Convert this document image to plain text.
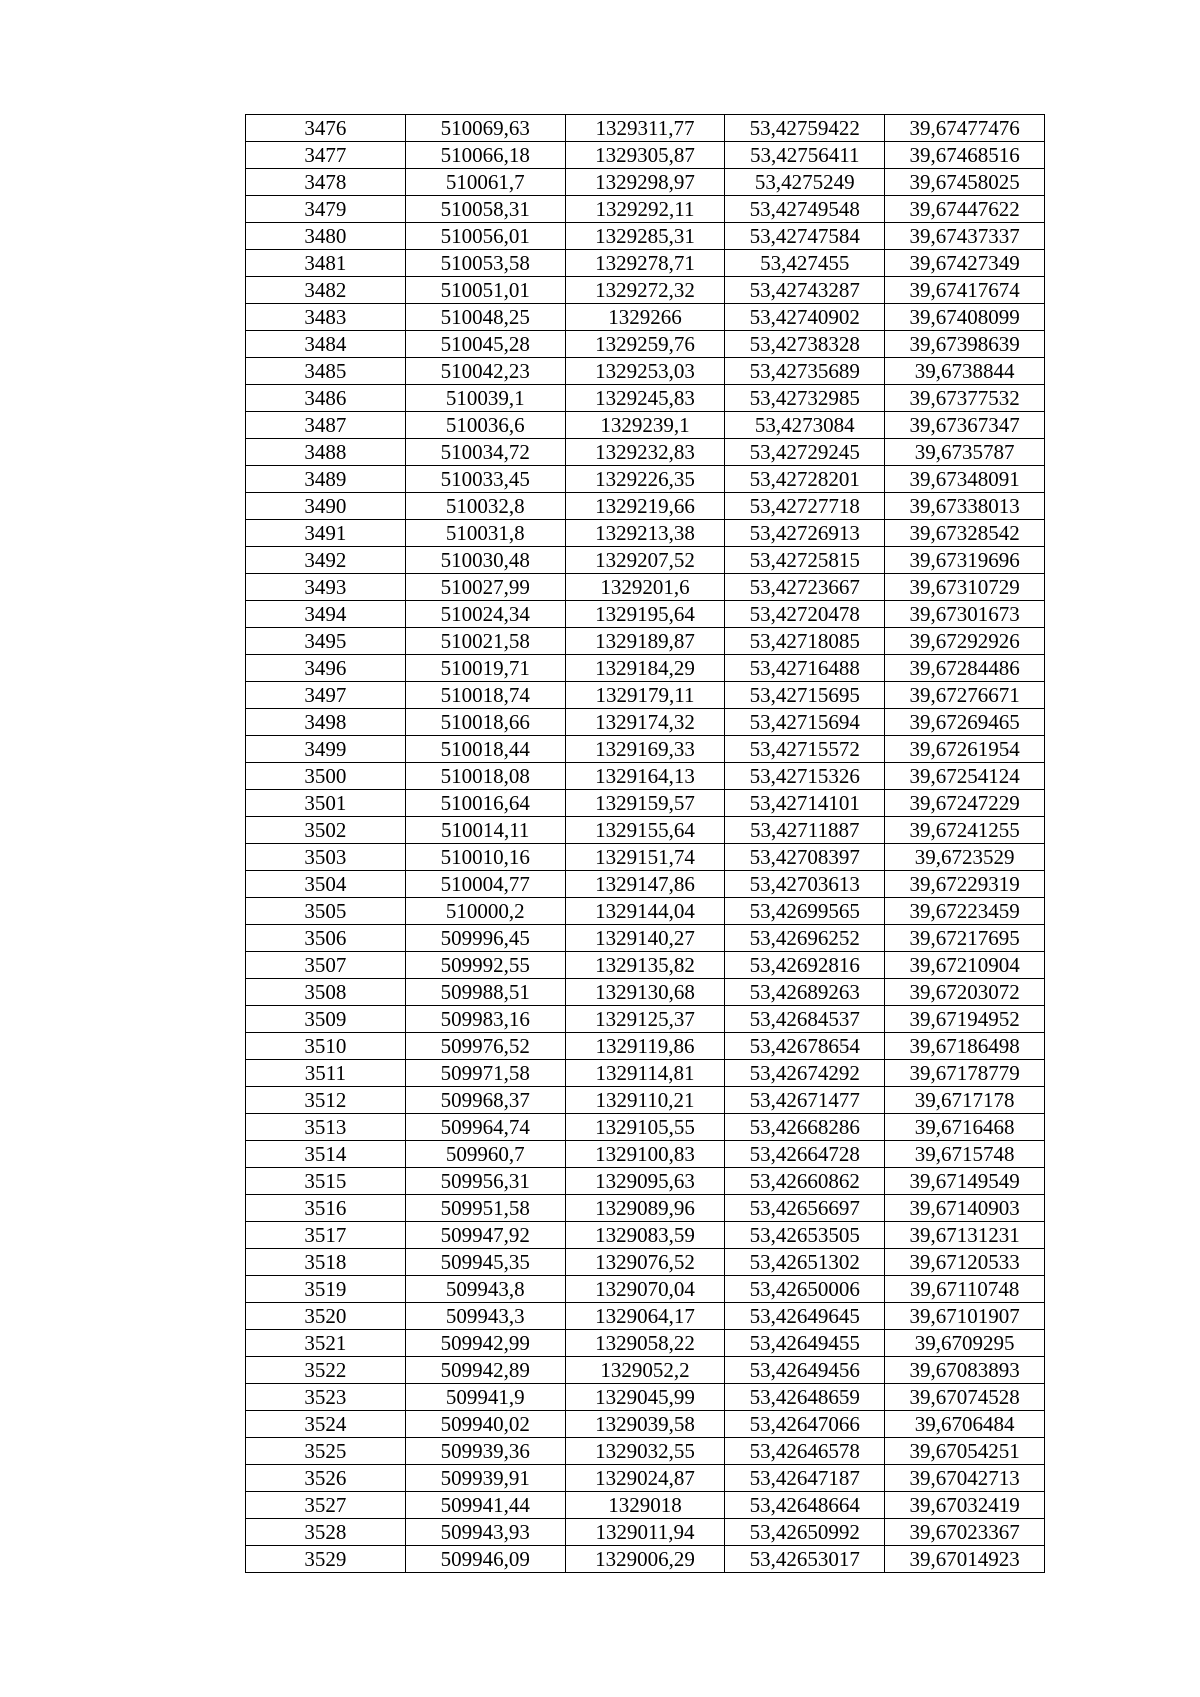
3476	510069,63	1329311,77	53,42759422	39,67477476
3477	510066,18	1329305,87	53,42756411	39,67468516
3478	510061,7	1329298,97	53,4275249	39,67458025
3479	510058,31	1329292,11	53,42749548	39,67447622
3480	510056,01	1329285,31	53,42747584	39,67437337
3481	510053,58	1329278,71	53,427455	39,67427349
3482	510051,01	1329272,32	53,42743287	39,67417674
3483	510048,25	1329266	53,42740902	39,67408099
3484	510045,28	1329259,76	53,42738328	39,67398639
3485	510042,23	1329253,03	53,42735689	39,6738844
3486	510039,1	1329245,83	53,42732985	39,67377532
3487	510036,6	1329239,1	53,4273084	39,67367347
3488	510034,72	1329232,83	53,42729245	39,6735787
3489	510033,45	1329226,35	53,42728201	39,67348091
3490	510032,8	1329219,66	53,42727718	39,67338013
3491	510031,8	1329213,38	53,42726913	39,67328542
3492	510030,48	1329207,52	53,42725815	39,67319696
3493	510027,99	1329201,6	53,42723667	39,67310729
3494	510024,34	1329195,64	53,42720478	39,67301673
3495	510021,58	1329189,87	53,42718085	39,67292926
3496	510019,71	1329184,29	53,42716488	39,67284486
3497	510018,74	1329179,11	53,42715695	39,67276671
3498	510018,66	1329174,32	53,42715694	39,67269465
3499	510018,44	1329169,33	53,42715572	39,67261954
3500	510018,08	1329164,13	53,42715326	39,67254124
3501	510016,64	1329159,57	53,42714101	39,67247229
3502	510014,11	1329155,64	53,42711887	39,67241255
3503	510010,16	1329151,74	53,42708397	39,6723529
3504	510004,77	1329147,86	53,42703613	39,67229319
3505	510000,2	1329144,04	53,42699565	39,67223459
3506	509996,45	1329140,27	53,42696252	39,67217695
3507	509992,55	1329135,82	53,42692816	39,67210904
3508	509988,51	1329130,68	53,42689263	39,67203072
3509	509983,16	1329125,37	53,42684537	39,67194952
3510	509976,52	1329119,86	53,42678654	39,67186498
3511	509971,58	1329114,81	53,42674292	39,67178779
3512	509968,37	1329110,21	53,42671477	39,6717178
3513	509964,74	1329105,55	53,42668286	39,6716468
3514	509960,7	1329100,83	53,42664728	39,6715748
3515	509956,31	1329095,63	53,42660862	39,67149549
3516	509951,58	1329089,96	53,42656697	39,67140903
3517	509947,92	1329083,59	53,42653505	39,67131231
3518	509945,35	1329076,52	53,42651302	39,67120533
3519	509943,8	1329070,04	53,42650006	39,67110748
3520	509943,3	1329064,17	53,42649645	39,67101907
3521	509942,99	1329058,22	53,42649455	39,6709295
3522	509942,89	1329052,2	53,42649456	39,67083893
3523	509941,9	1329045,99	53,42648659	39,67074528
3524	509940,02	1329039,58	53,42647066	39,6706484
3525	509939,36	1329032,55	53,42646578	39,67054251
3526	509939,91	1329024,87	53,42647187	39,67042713
3527	509941,44	1329018	53,42648664	39,67032419
3528	509943,93	1329011,94	53,42650992	39,67023367
3529	509946,09	1329006,29	53,42653017	39,67014923
